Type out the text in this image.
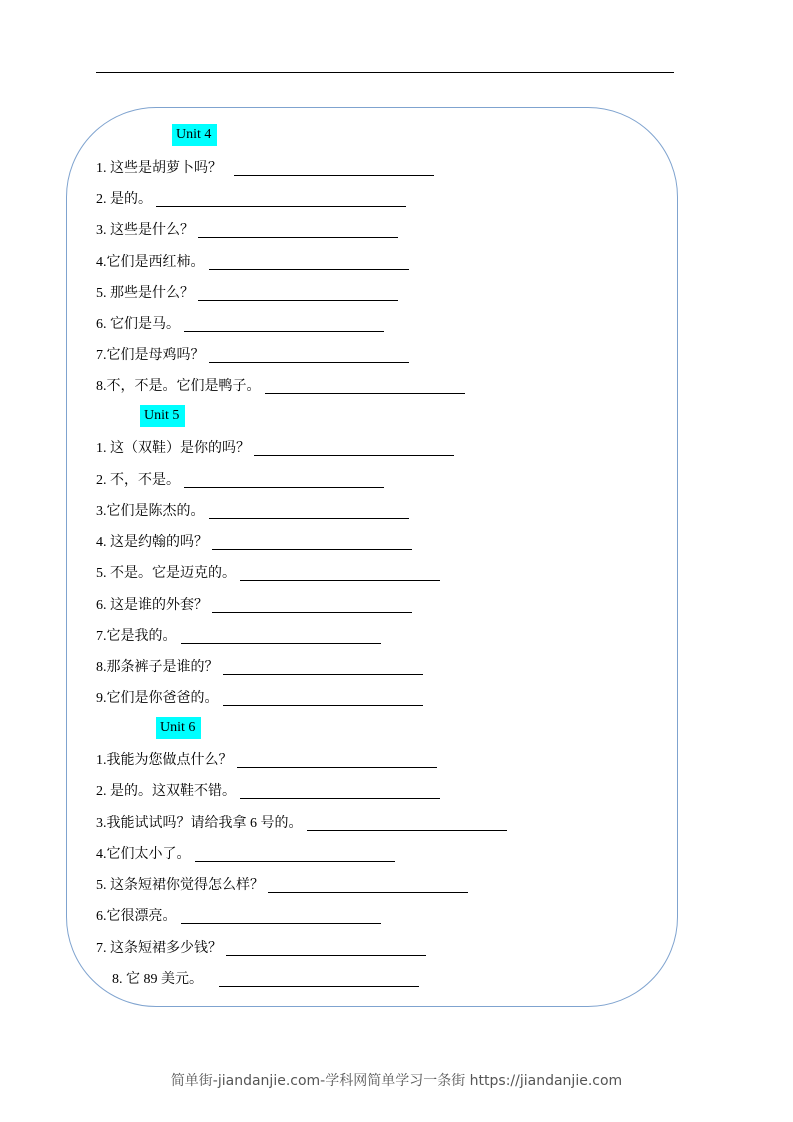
Unit 4
1. 这些是胡萝卜吗？
2. 是的。
3. 这些是什么？
4.它们是西红柿。
5. 那些是什么？
6. 它们是马。
7.它们是母鸡吗？
8.不，不是。它们是鸭子。
Unit 5
1. 这（双鞋）是你的吗？
2. 不，不是。
3.它们是陈杰的。
4. 这是约翰的吗？
5. 不是。它是迈克的。
6. 这是谁的外套？
7.它是我的。
8.那条裤子是谁的？
9.它们是你爸爸的。
Unit 6
1.我能为您做点什么？
2. 是的。这双鞋不错。
3.我能试试吗？请给我拿 6 号的。
4.它们太小了。
5. 这条短裙你觉得怎么样？
6.它很漂亮。
7. 这条短裙多少钱？
8. 它 89 美元。
简单街-jiandanjie.com-学科网简单学习一条街 https://jiandanjie.com
